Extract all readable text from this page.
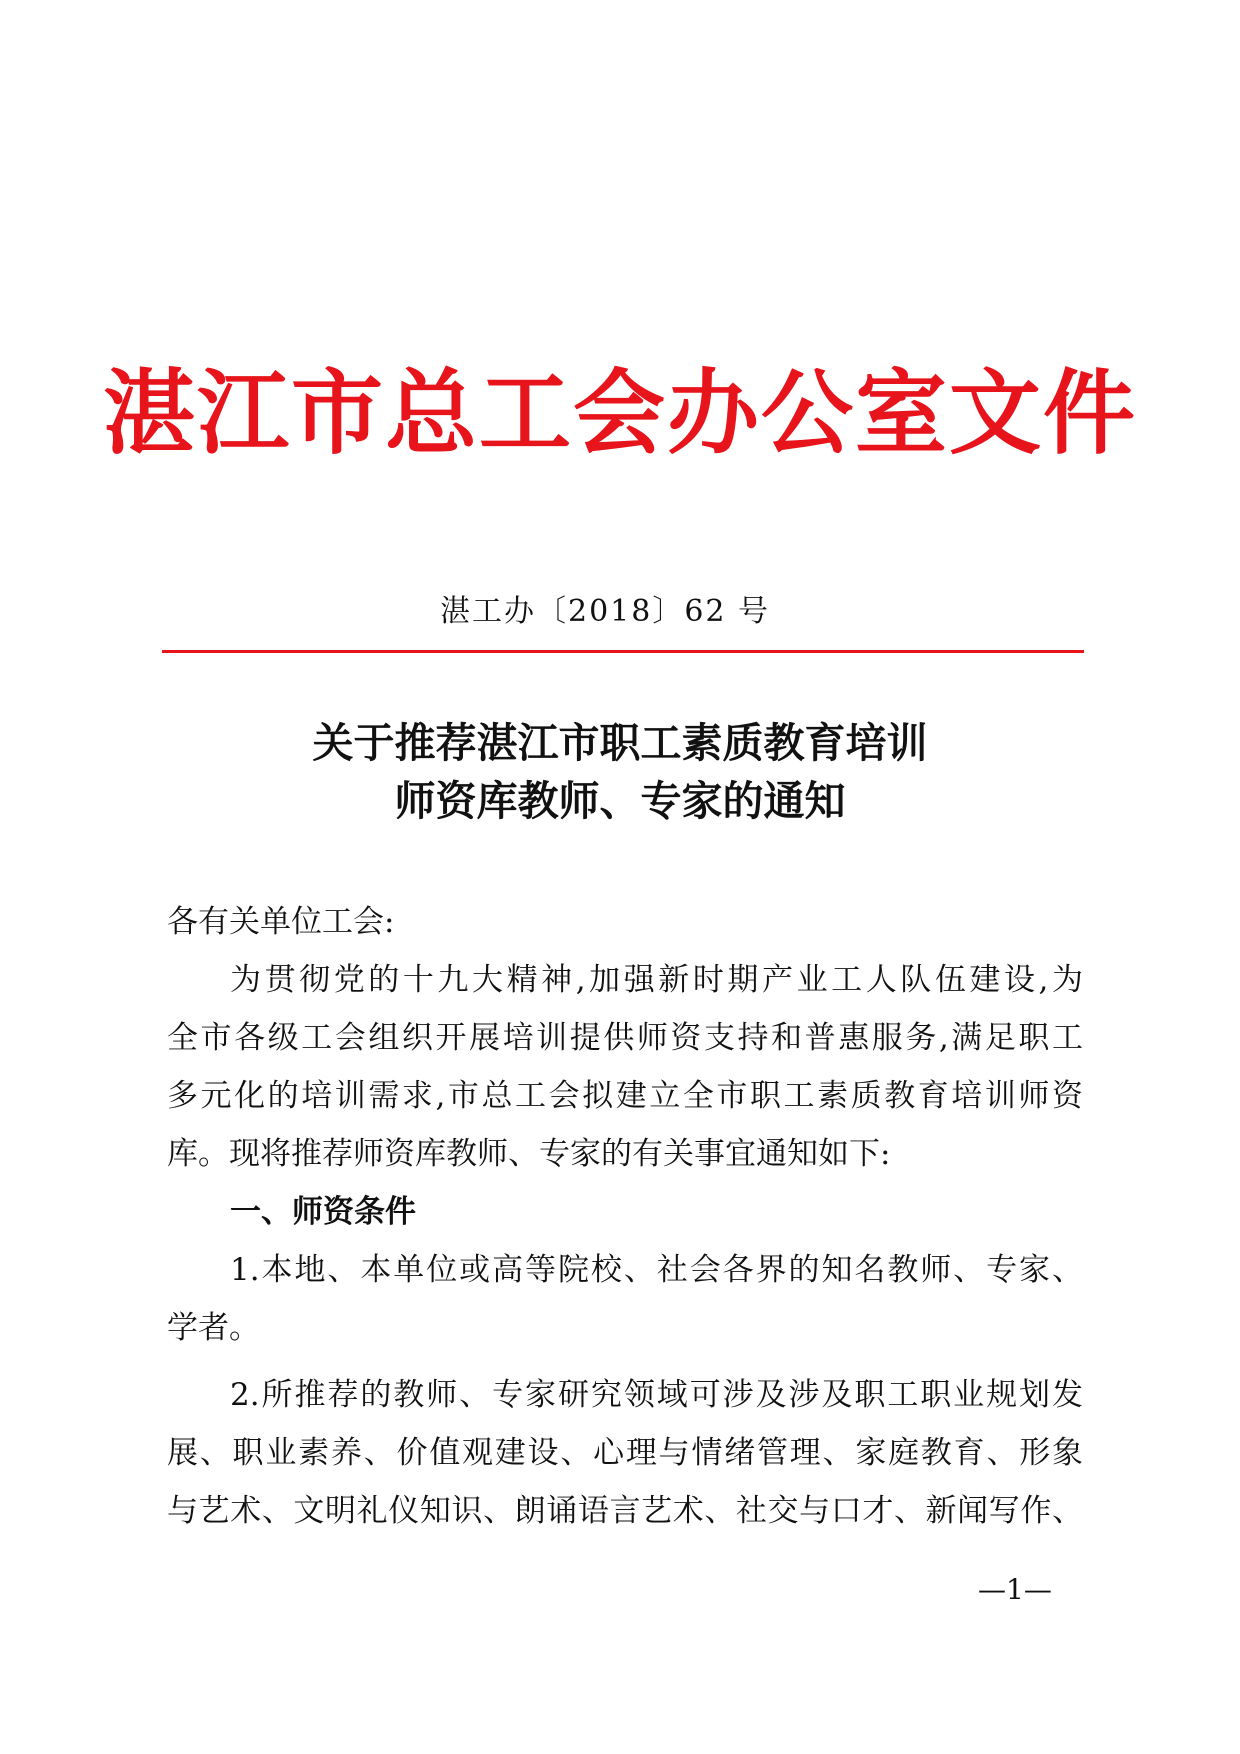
湛江市总工会办公室文件
湛工办〔2018〕62 号
关于推荐湛江市职工素质教育培训
师资库教师、专家的通知
各有关单位工会:
为贯彻党的十九大精神,加强新时期产业工人队伍建设,为
全市各级工会组织开展培训提供师资支持和普惠服务,满足职工
多元化的培训需求,市总工会拟建立全市职工素质教育培训师资
库。现将推荐师资库教师、专家的有关事宜通知如下:
一、师资条件
1.本地、本单位或高等院校、社会各界的知名教师、专家、
学者。
2.所推荐的教师、专家研究领域可涉及涉及职工职业规划发
展、职业素养、价值观建设、心理与情绪管理、家庭教育、形象
与艺术、文明礼仪知识、朗诵语言艺术、社交与口才、新闻写作、
—1—
